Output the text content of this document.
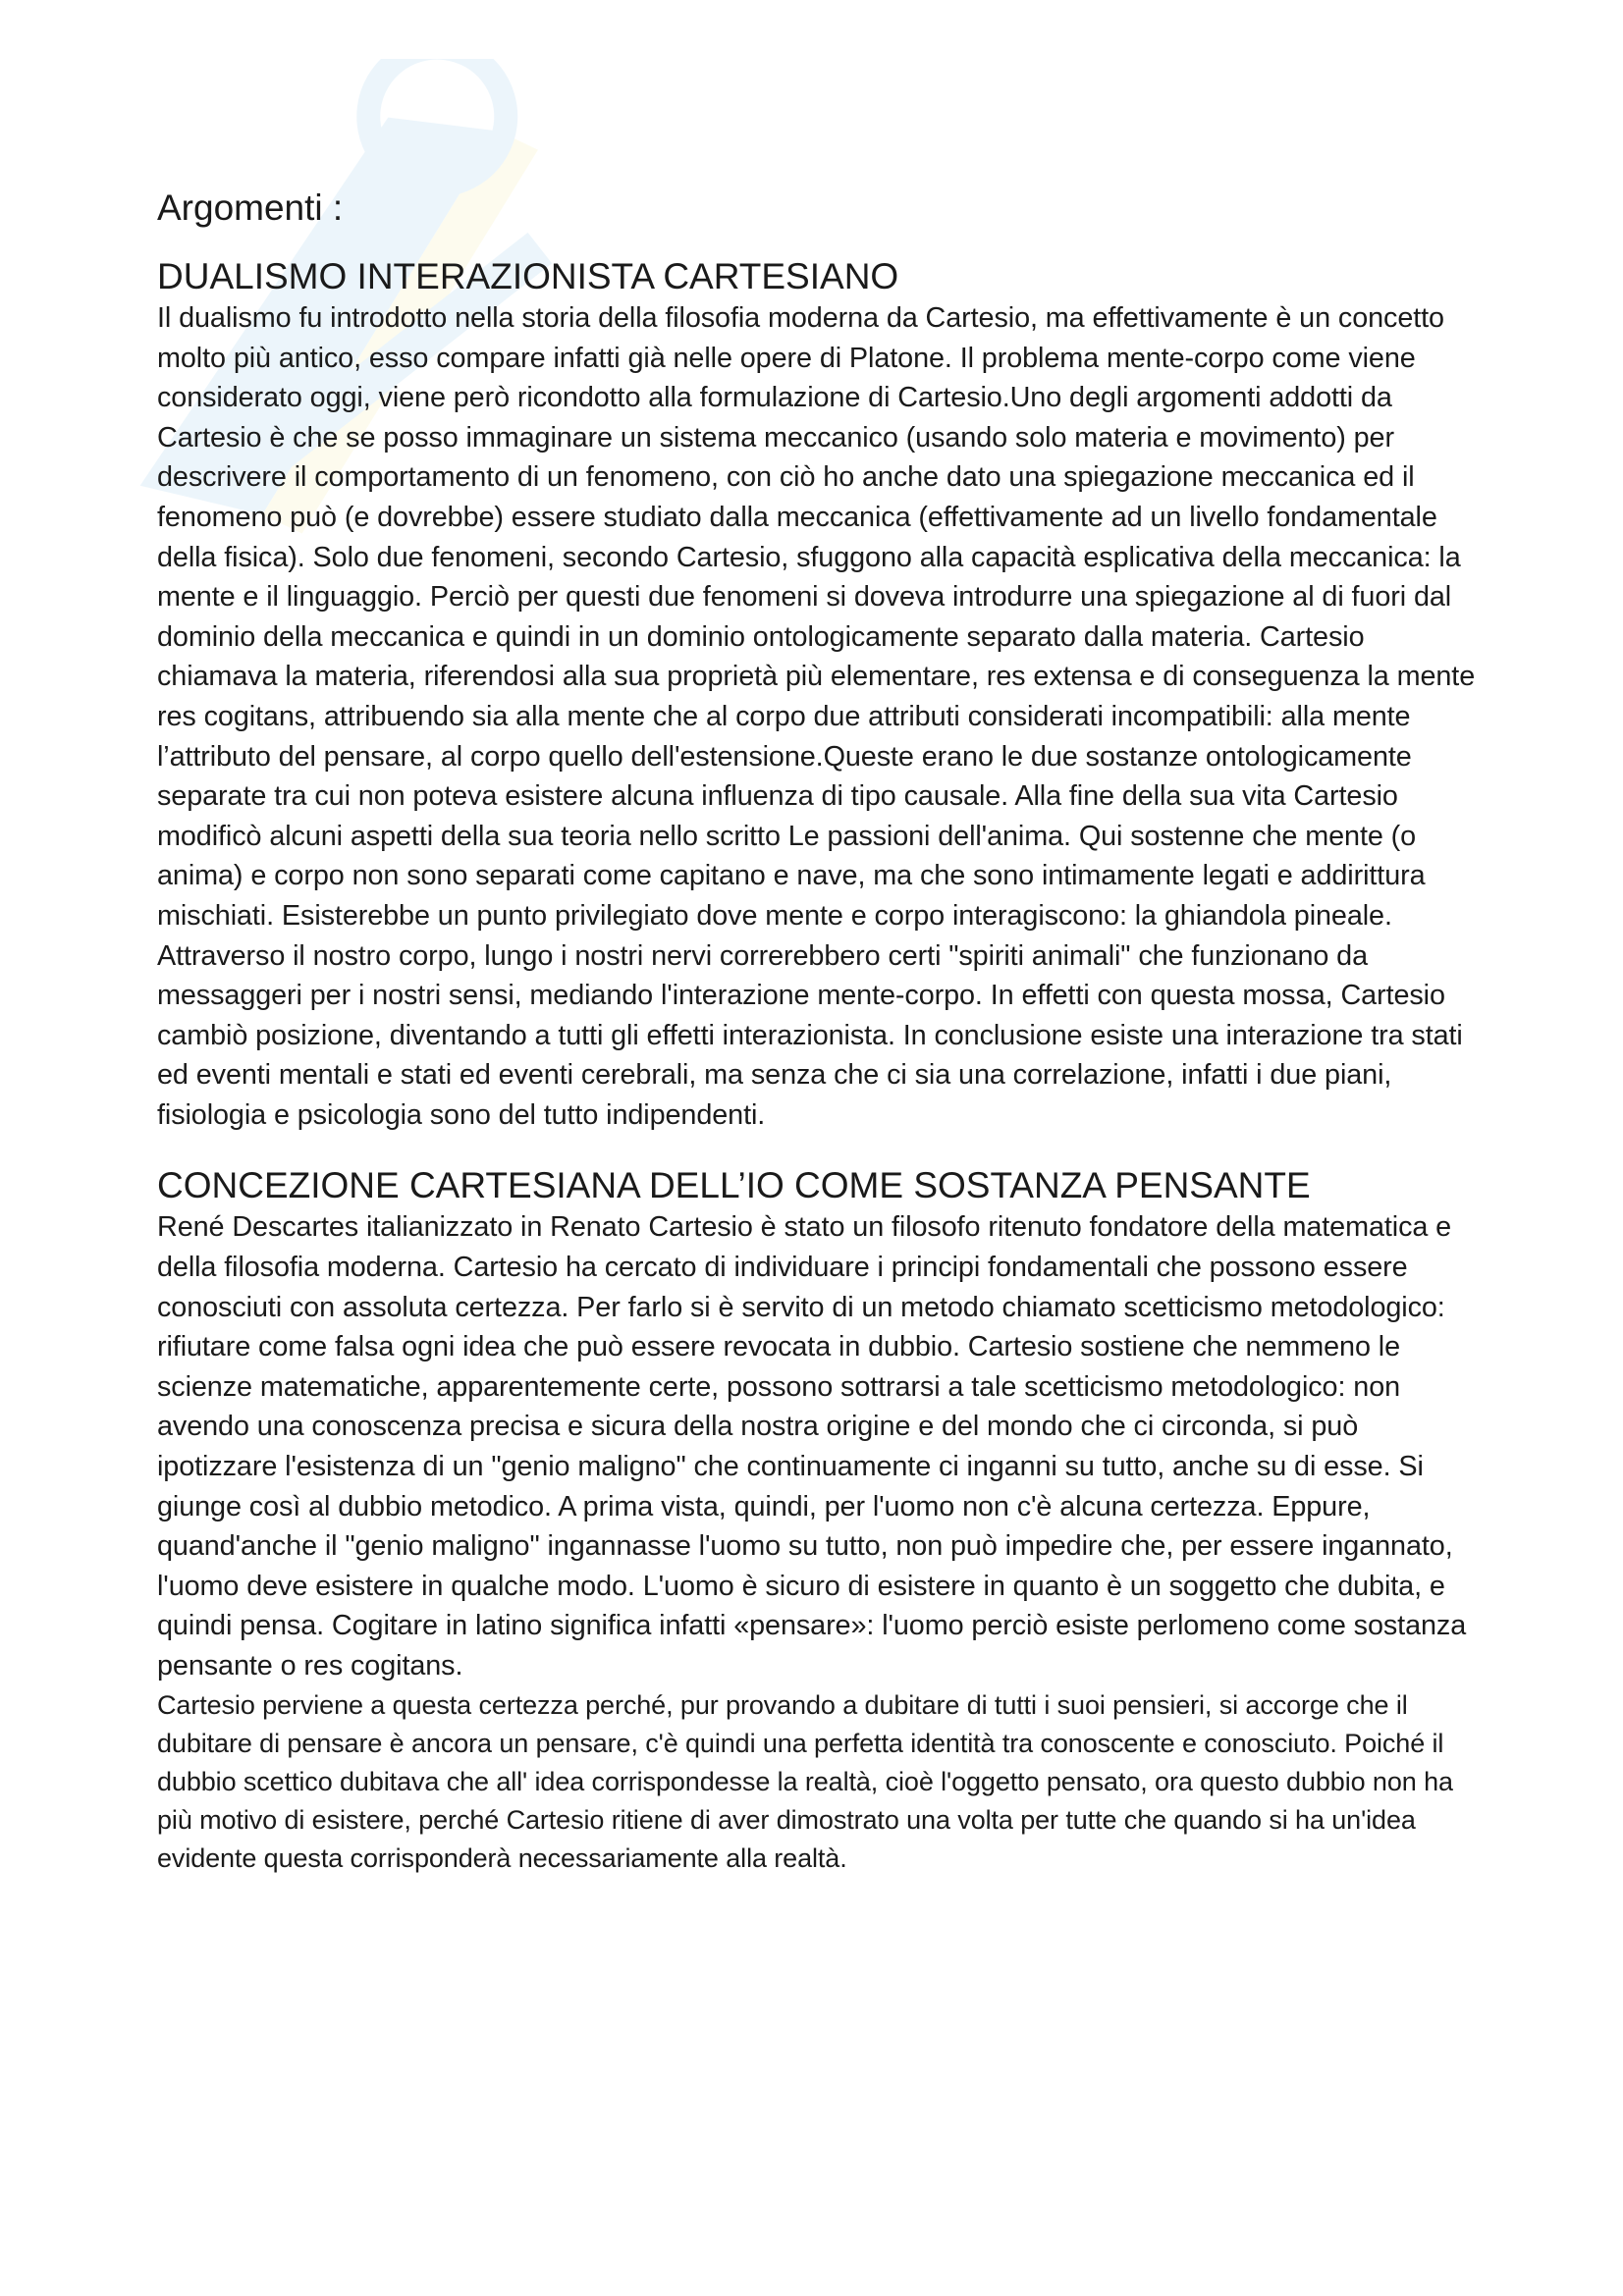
Argomenti :
DUALISMO INTERAZIONISTA CARTESIANO

Il dualismo fu introdotto nella storia della filosofia moderna da Cartesio, ma effettivamente è un concetto molto più antico, esso compare infatti già nelle opere di Platone. Il problema mente-corpo come viene considerato oggi, viene però ricondotto alla formulazione di Cartesio.Uno degli argomenti addotti da Cartesio è che se posso immaginare un sistema meccanico (usando solo materia e movimento) per descrivere il comportamento di un fenomeno, con ciò ho anche dato una spiegazione meccanica ed il fenomeno può (e dovrebbe) essere studiato dalla meccanica (effettivamente ad un livello fondamentale della fisica). Solo due fenomeni, secondo Cartesio, sfuggono alla capacità esplicativa della meccanica: la mente e il linguaggio. Perciò per questi due fenomeni si doveva introdurre una spiegazione al di fuori dal dominio della meccanica e quindi in un dominio ontologicamente separato dalla materia. Cartesio chiamava la materia, riferendosi alla sua proprietà più elementare, res extensa e di conseguenza la mente res cogitans, attribuendo sia alla mente che al corpo due attributi considerati incompatibili: alla mente l’attributo del pensare, al corpo quello dell'estensione.Queste erano le due sostanze ontologicamente separate tra cui non poteva esistere alcuna influenza di tipo causale. Alla fine della sua vita Cartesio modificò alcuni aspetti della sua teoria nello scritto Le passioni dell'anima. Qui sostenne che mente (o anima) e corpo non sono separati come capitano e nave, ma che sono intimamente legati e addirittura mischiati. Esisterebbe un punto privilegiato dove mente e corpo interagiscono: la ghiandola pineale. Attraverso il nostro corpo, lungo i nostri nervi correrebbero certi "spiriti animali" che funzionano da messaggeri per i nostri sensi, mediando l'interazione mente-corpo. In effetti con questa mossa, Cartesio cambiò posizione, diventando a tutti gli effetti interazionista. In conclusione esiste una interazione tra stati ed eventi mentali e stati ed eventi cerebrali, ma senza che ci sia una correlazione, infatti i due piani, fisiologia e psicologia sono del tutto indipendenti.

CONCEZIONE CARTESIANA DELL’IO COME SOSTANZA PENSANTE

René Descartes italianizzato in Renato Cartesio è stato un filosofo ritenuto fondatore della matematica e della filosofia moderna. Cartesio ha cercato di individuare i principi fondamentali che possono essere conosciuti con assoluta certezza. Per farlo si è servito di un metodo chiamato scetticismo metodologico: rifiutare come falsa ogni idea che può essere revocata in dubbio. Cartesio sostiene che nemmeno le scienze matematiche, apparentemente certe, possono sottrarsi a tale scetticismo metodologico: non avendo una conoscenza precisa e sicura della nostra origine e del mondo che ci circonda, si può ipotizzare l'esistenza di un "genio maligno" che continuamente ci inganni su tutto, anche su di esse. Si giunge così al dubbio metodico. A prima vista, quindi, per l'uomo non c'è alcuna certezza. Eppure, quand'anche il "genio maligno" ingannasse l'uomo su tutto, non può impedire che, per essere ingannato, l'uomo deve esistere in qualche modo. L'uomo è sicuro di esistere in quanto è un soggetto che dubita, e quindi pensa. Cogitare in latino significa infatti «pensare»: l'uomo perciò esiste perlomeno come sostanza pensante o res cogitans.

Cartesio perviene a questa certezza perché, pur provando a dubitare di tutti i suoi pensieri, si accorge che il dubitare di pensare è ancora un pensare, c'è quindi una perfetta identità tra conoscente e conosciuto. Poiché il dubbio scettico dubitava che all' idea corrispondesse la realtà, cioè l'oggetto pensato, ora questo dubbio non ha più motivo di esistere, perché Cartesio ritiene di aver dimostrato una volta per tutte che quando si ha un'idea evidente questa corrisponderà necessariamente alla realtà.
